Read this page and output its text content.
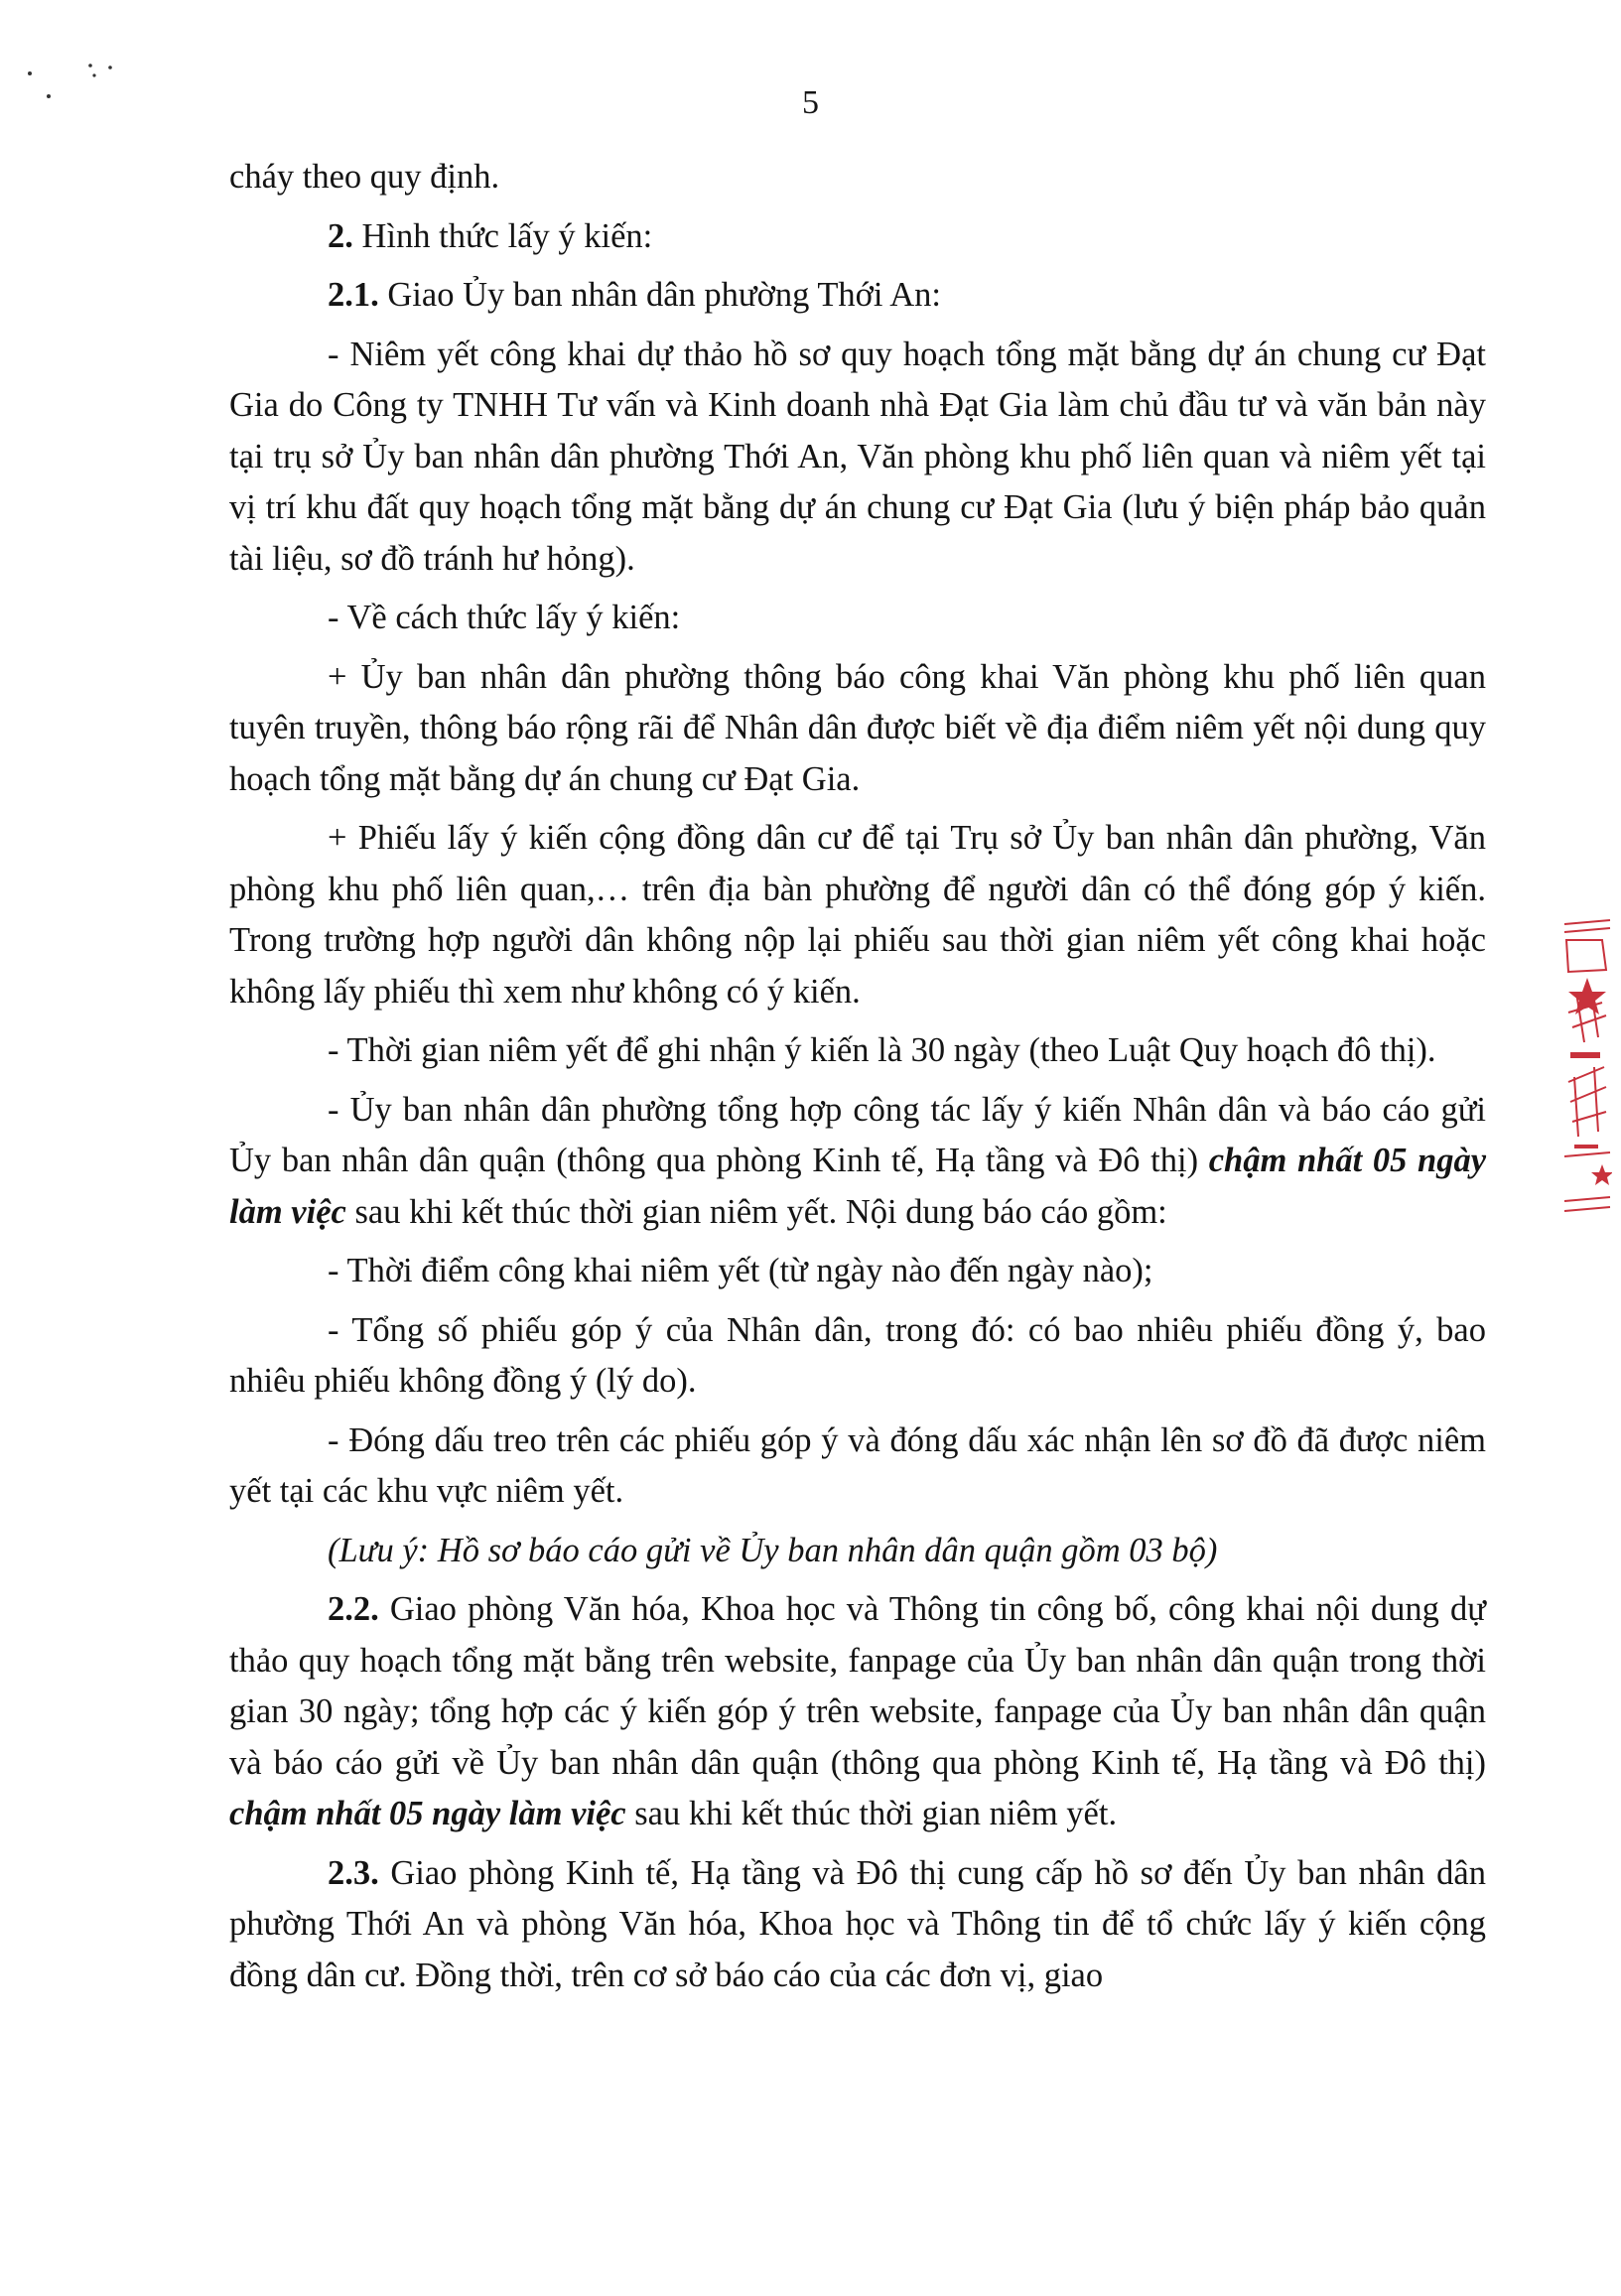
5

cháy theo quy định.

2. Hình thức lấy ý kiến:

2.1. Giao Ủy ban nhân dân phường Thới An:

- Niêm yết công khai dự thảo hồ sơ quy hoạch tổng mặt bằng dự án chung cư Đạt Gia do Công ty TNHH Tư vấn và Kinh doanh nhà Đạt Gia làm chủ đầu tư và văn bản này tại trụ sở Ủy ban nhân dân phường Thới An, Văn phòng khu phố liên quan và niêm yết tại vị trí khu đất quy hoạch tổng mặt bằng dự án chung cư Đạt Gia (lưu ý biện pháp bảo quản tài liệu, sơ đồ tránh hư hỏng).

- Về cách thức lấy ý kiến:

+ Ủy ban nhân dân phường thông báo công khai Văn phòng khu phố liên quan tuyên truyền, thông báo rộng rãi để Nhân dân được biết về địa điểm niêm yết nội dung quy hoạch tổng mặt bằng dự án chung cư Đạt Gia.

+ Phiếu lấy ý kiến cộng đồng dân cư để tại Trụ sở Ủy ban nhân dân phường, Văn phòng khu phố liên quan,… trên địa bàn phường để người dân có thể đóng góp ý kiến. Trong trường hợp người dân không nộp lại phiếu sau thời gian niêm yết công khai hoặc không lấy phiếu thì xem như không có ý kiến.

- Thời gian niêm yết để ghi nhận ý kiến là 30 ngày (theo Luật Quy hoạch đô thị).

- Ủy ban nhân dân phường tổng hợp công tác lấy ý kiến Nhân dân và báo cáo gửi Ủy ban nhân dân quận (thông qua phòng Kinh tế, Hạ tầng và Đô thị) chậm nhất 05 ngày làm việc sau khi kết thúc thời gian niêm yết. Nội dung báo cáo gồm:

- Thời điểm công khai niêm yết (từ ngày nào đến ngày nào);

- Tổng số phiếu góp ý của Nhân dân, trong đó: có bao nhiêu phiếu đồng ý, bao nhiêu phiếu không đồng ý (lý do).

- Đóng dấu treo trên các phiếu góp ý và đóng dấu xác nhận lên sơ đồ đã được niêm yết tại các khu vực niêm yết.

(Lưu ý: Hồ sơ báo cáo gửi về Ủy ban nhân dân quận gồm 03 bộ)

2.2. Giao phòng Văn hóa, Khoa học và Thông tin công bố, công khai nội dung dự thảo quy hoạch tổng mặt bằng trên website, fanpage của Ủy ban nhân dân quận trong thời gian 30 ngày; tổng hợp các ý kiến góp ý trên website, fanpage của Ủy ban nhân dân quận và báo cáo gửi về Ủy ban nhân dân quận (thông qua phòng Kinh tế, Hạ tầng và Đô thị) chậm nhất 05 ngày làm việc sau khi kết thúc thời gian niêm yết.

2.3. Giao phòng Kinh tế, Hạ tầng và Đô thị cung cấp hồ sơ đến Ủy ban nhân dân phường Thới An và phòng Văn hóa, Khoa học và Thông tin để tổ chức lấy ý kiến cộng đồng dân cư. Đồng thời, trên cơ sở báo cáo của các đơn vị, giao
